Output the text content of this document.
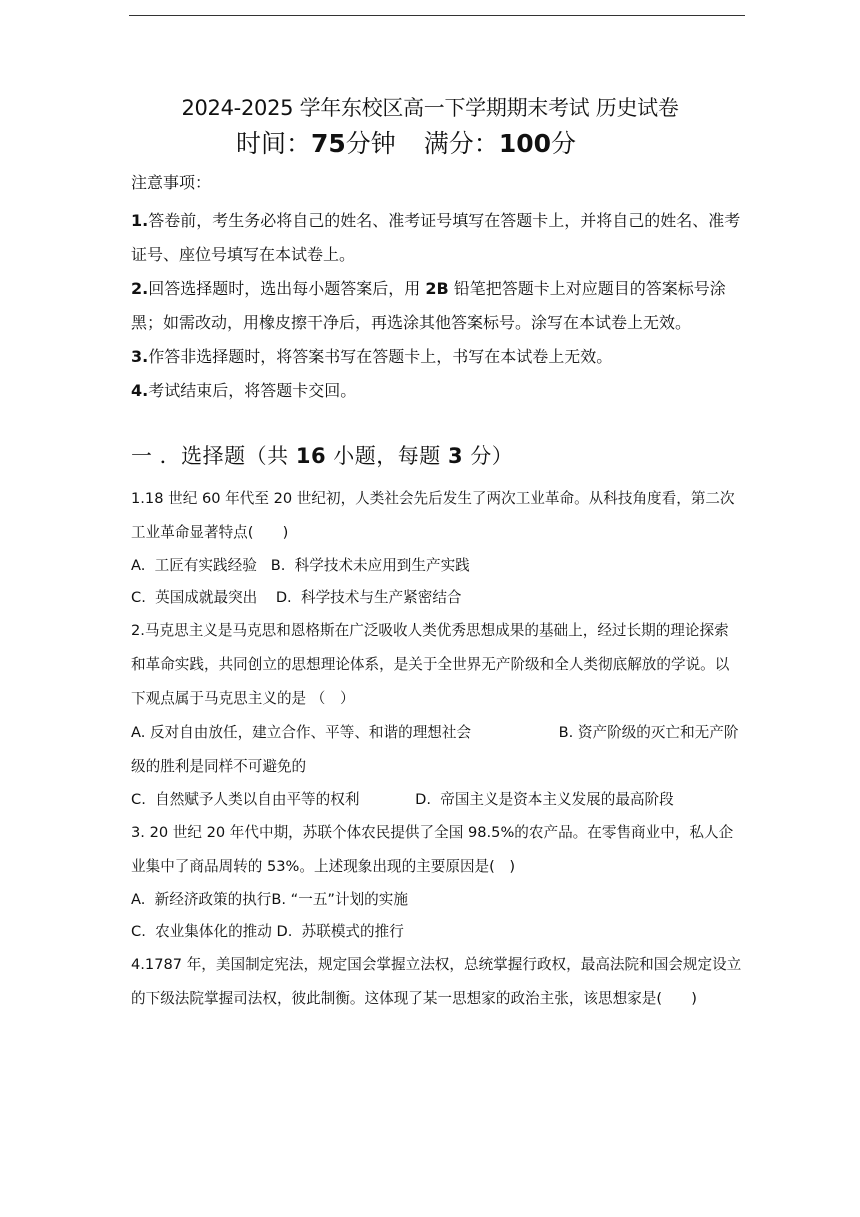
2024-2025 学年东校区高一下学期期末考试 历史试卷
时间：75分钟 满分：100分
注意事项：

1.答卷前，考生务必将自己的姓名、准考证号填写在答题卡上，并将自己的姓名、准考证号、座位号填写在本试卷上。

2.回答选择题时，选出每小题答案后，用 2B 铅笔把答题卡上对应题目的答案标号涂黑；如需改动，用橡皮擦干净后，再选涂其他答案标号。涂写在本试卷上无效。

3.作答非选择题时，将答案书写在答题卡上，书写在本试卷上无效。

4.考试结束后，将答题卡交回。

一 ．选择题（共 16 小题，每题 3 分）

1.18 世纪 60 年代至 20 世纪初，人类社会先后发生了两次工业革命。从科技角度看，第二次工业革命显著特点(　　)

A.  工匠有实践经验   B.  科学技术未应用到生产实践

C.  英国成就最突出    D.  科学技术与生产紧密结合

2.马克思主义是马克思和恩格斯在广泛吸收人类优秀思想成果的基础上，经过长期的理论探索和革命实践，共同创立的思想理论体系，是关于全世界无产阶级和全人类彻底解放的学说。以下观点属于马克思主义的是 （　）

A. 反对自由放任，建立合作、平等、和谐的理想社会　　　　　　B. 资产阶级的灭亡和无产阶级的胜利是同样不可避免的

C.  自然赋予人类以自由平等的权利            D.  帝国主义是资本主义发展的最高阶段

3. 20 世纪 20 年代中期，苏联个体农民提供了全国 98.5%的农产品。在零售商业中，私人企业集中了商品周转的 53%。上述现象出现的主要原因是(　)

A.  新经济政策的执行B. “一五”计划的实施

C.  农业集体化的推动 D.  苏联模式的推行

4.1787 年，美国制定宪法，规定国会掌握立法权，总统掌握行政权，最高法院和国会规定设立的下级法院掌握司法权，彼此制衡。这体现了某一思想家的政治主张，该思想家是(　　)
